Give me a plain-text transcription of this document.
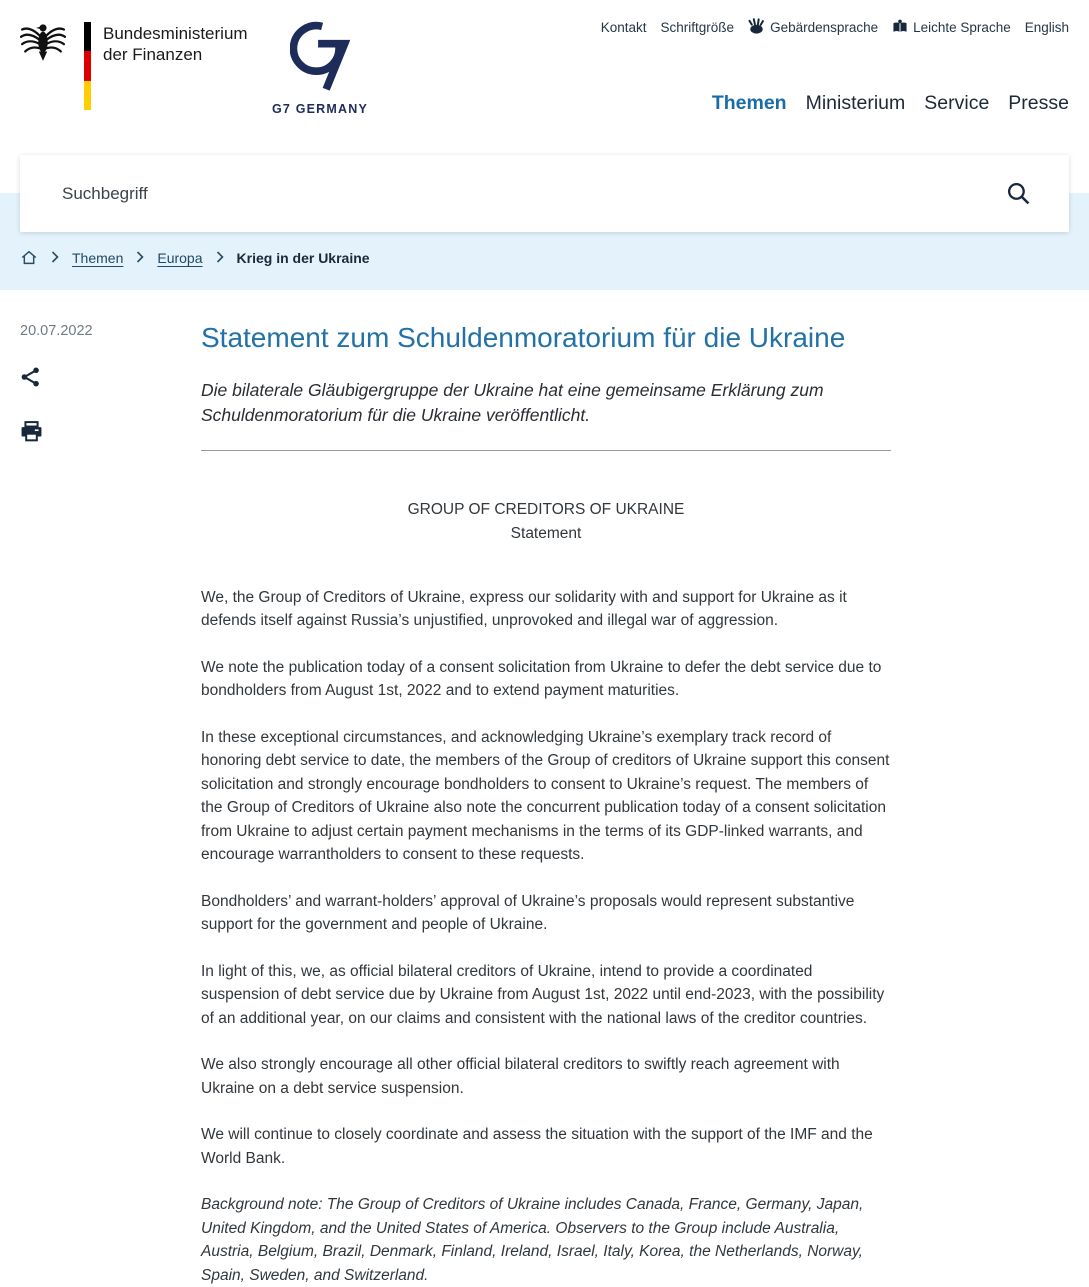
Bundesministerium
der Finanzen
G7 GERMANY
Kontakt Schriftgröße	Gebärdensprache	Leichte Sprache English
Themen Ministerium Service Presse
Suchbegriff
Themen Europa Krieg in der Ukraine
20.07.2022	Statement zum Schuldenmoratorium für die Ukraine

Die bilaterale Gläubigergruppe der Ukraine hat eine gemeinsame Erklärung zum Schuldenmoratorium für die Ukraine veröffentlicht.

GROUP OF CREDITORS OF UKRAINE

Statement

We, the Group of Creditors of Ukraine, express our solidarity with and support for Ukraine as it defends itself against Russia’s unjustified, unprovoked and illegal war of aggression.

We note the publication today of a consent solicitation from Ukraine to defer the debt service due to bondholders from August 1st, 2022 and to extend payment maturities.

In these exceptional circumstances, and acknowledging Ukraine’s exemplary track record of honoring debt service to date, the members of the Group of creditors of Ukraine support this consent solicitation and strongly encourage bondholders to consent to Ukraine’s request. The members of the Group of Creditors of Ukraine also note the concurrent publication today of a consent solicitation from Ukraine to adjust certain payment mechanisms in the terms of its GDP-linked warrants, and encourage warrantholders to consent to these requests.

Bondholders’ and warrant-holders’ approval of Ukraine’s proposals would represent substantive support for the government and people of Ukraine.

In light of this, we, as official bilateral creditors of Ukraine, intend to provide a coordinated suspension of debt service due by Ukraine from August 1st, 2022 until end-2023, with the possibility of an additional year, on our claims and consistent with the national laws of the creditor countries.

We also strongly encourage all other official bilateral creditors to swiftly reach agreement with Ukraine on a debt service suspension.

We will continue to closely coordinate and assess the situation with the support of the IMF and the World Bank.

Background note: The Group of Creditors of Ukraine includes Canada, France, Germany, Japan, United Kingdom, and the United States of America. Observers to the Group include Australia, Austria, Belgium, Brazil, Denmark, Finland, Ireland, Israel, Italy, Korea, the Netherlands, Norway, Spain, Sweden, and Switzerland.
